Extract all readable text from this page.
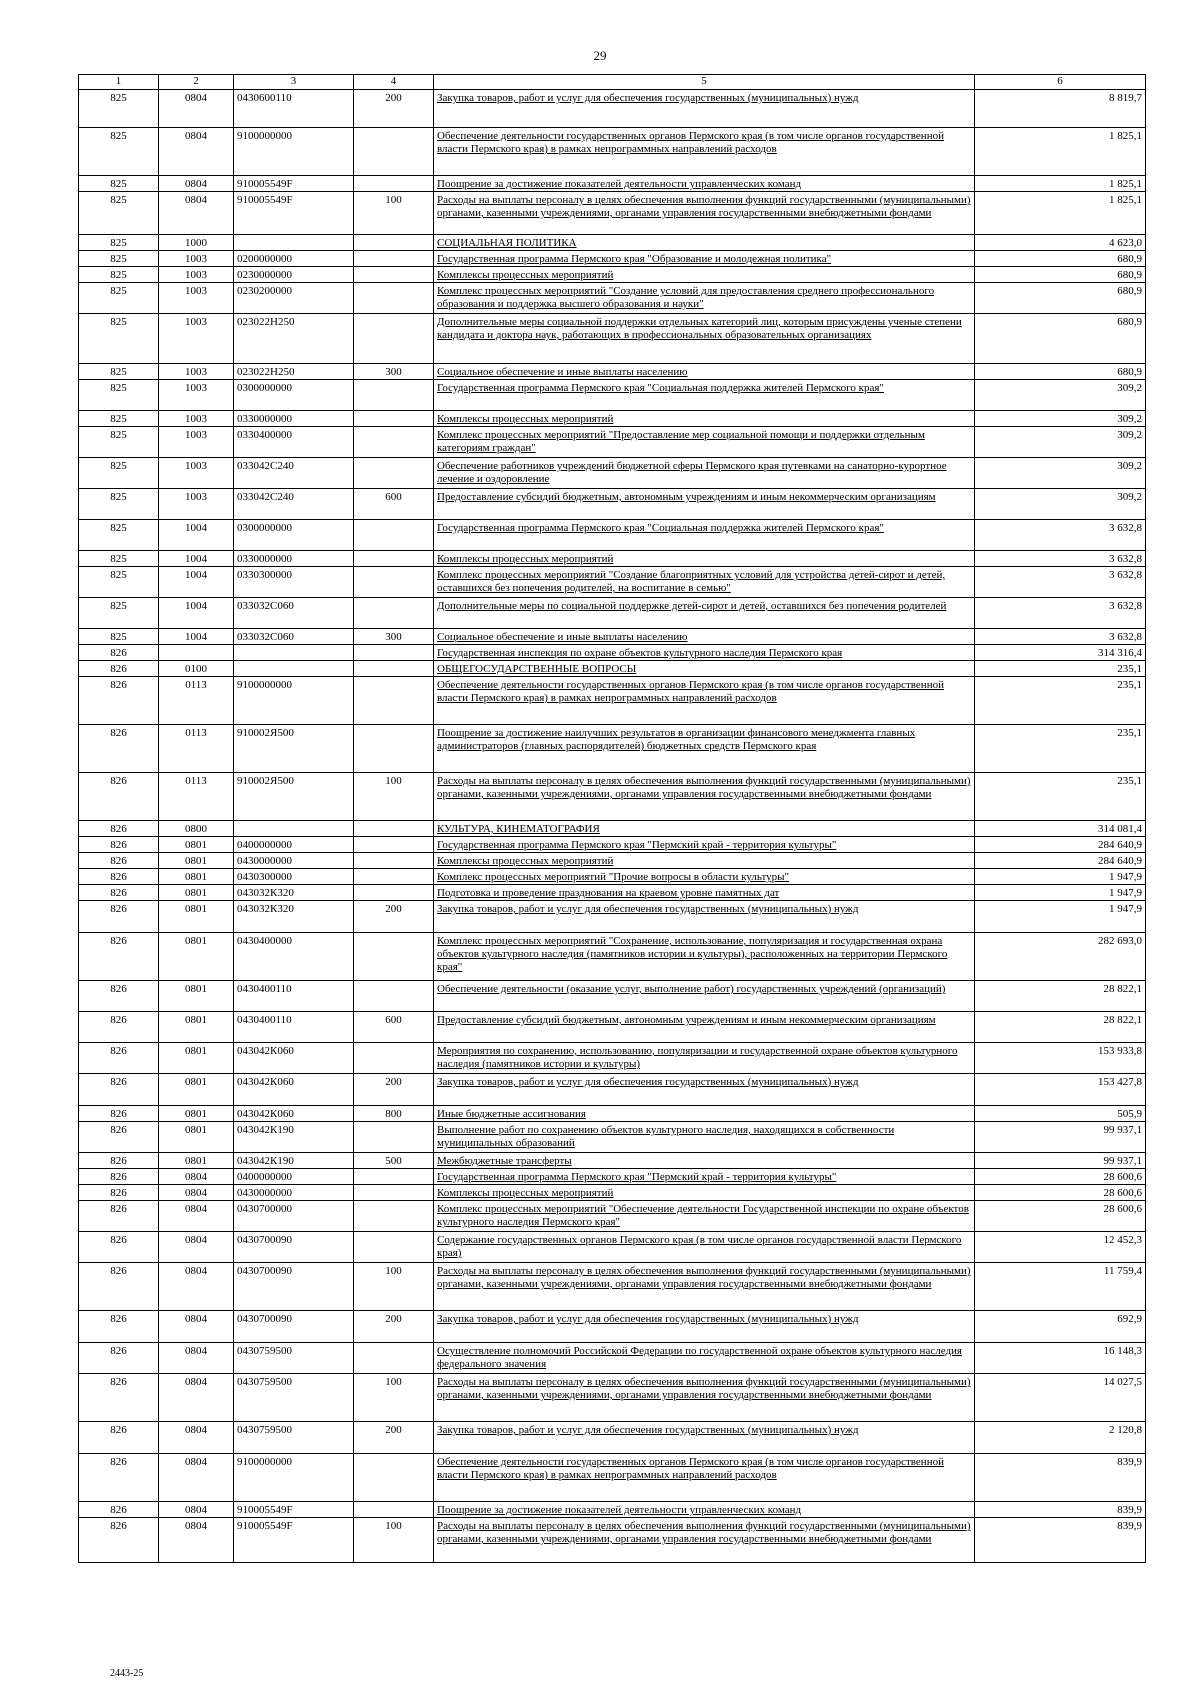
29
1	2	3	4	5	6
825	0804	0430600110	200	Закупка товаров, работ и услуг для обеспечения государственных (муниципальных) нужд	8 819,7
825	0804	9100000000		Обеспечение деятельности государственных органов Пермского края (в том числе органов государственной власти Пермского края) в рамках непрограммных направлений расходов	1 825,1
825	0804	910005549F		Поощрение за достижение показателей деятельности управленческих команд	1 825,1
825	0804	910005549F	100	Расходы на выплаты персоналу в целях обеспечения выполнения функций государственными (муниципальными) органами, казенными учреждениями, органами управления государственными внебюджетными фондами	1 825,1
825	1000			СОЦИАЛЬНАЯ ПОЛИТИКА	4 623,0
825	1003	0200000000		Государственная программа Пермского края "Образование и молодежная политика"	680,9
825	1003	0230000000		Комплексы процессных мероприятий	680,9
825	1003	0230200000		Комплекс процессных мероприятий "Создание условий для предоставления среднего профессионального образования и поддержка высшего образования и науки"	680,9
825	1003	023022Н250		Дополнительные меры социальной поддержки отдельных категорий лиц, которым присуждены ученые степени кандидата и доктора наук, работающих в профессиональных образовательных организациях	680,9
825	1003	023022Н250	300	Социальное обеспечение и иные выплаты населению	680,9
825	1003	0300000000		Государственная программа Пермского края "Социальная поддержка жителей Пермского края"	309,2
825	1003	0330000000		Комплексы процессных мероприятий	309,2
825	1003	0330400000		Комплекс процессных мероприятий "Предоставление мер социальной помощи и поддержки отдельным категориям граждан"	309,2
825	1003	033042С240		Обеспечение работников учреждений бюджетной сферы Пермского края путевками на санаторно-курортное лечение и оздоровление	309,2
825	1003	033042С240	600	Предоставление субсидий бюджетным, автономным учреждениям и иным некоммерческим организациям	309,2
825	1004	0300000000		Государственная программа Пермского края "Социальная поддержка жителей Пермского края"	3 632,8
825	1004	0330000000		Комплексы процессных мероприятий	3 632,8
825	1004	0330300000		Комплекс процессных мероприятий "Создание благоприятных условий для устройства детей-сирот и детей, оставшихся без попечения родителей, на воспитание в семью"	3 632,8
825	1004	033032С060		Дополнительные меры по социальной поддержке детей-сирот и детей, оставшихся без попечения родителей	3 632,8
825	1004	033032С060	300	Социальное обеспечение и иные выплаты населению	3 632,8
826				Государственная инспекция по охране объектов культурного наследия Пермского края	314 316,4
826	0100			ОБЩЕГОСУДАРСТВЕННЫЕ ВОПРОСЫ	235,1
826	0113	9100000000		Обеспечение деятельности государственных органов Пермского края (в том числе органов государственной власти Пермского края) в рамках непрограммных направлений расходов	235,1
826	0113	910002Я500		Поощрение за достижение наилучших результатов в организации финансового менеджмента главных администраторов (главных распорядителей) бюджетных средств Пермского края	235,1
826	0113	910002Я500	100	Расходы на выплаты персоналу в целях обеспечения выполнения функций государственными (муниципальными) органами, казенными учреждениями, органами управления государственными внебюджетными фондами	235,1
826	0800			КУЛЬТУРА, КИНЕМАТОГРАФИЯ	314 081,4
826	0801	0400000000		Государственная программа Пермского края "Пермский край - территория культуры"	284 640,9
826	0801	0430000000		Комплексы процессных мероприятий	284 640,9
826	0801	0430300000		Комплекс процессных мероприятий "Прочие вопросы в области культуры"	1 947,9
826	0801	043032К320		Подготовка и проведение празднования на краевом уровне памятных дат	1 947,9
826	0801	043032К320	200	Закупка товаров, работ и услуг для обеспечения государственных (муниципальных) нужд	1 947,9
826	0801	0430400000		Комплекс процессных мероприятий "Сохранение, использование, популяризация и государственная охрана объектов культурного наследия (памятников истории и культуры), расположенных на территории Пермского края"	282 693,0
826	0801	0430400110		Обеспечение деятельности (оказание услуг, выполнение работ) государственных учреждений (организаций)	28 822,1
826	0801	0430400110	600	Предоставление субсидий бюджетным, автономным учреждениям и иным некоммерческим организациям	28 822,1
826	0801	043042К060		Мероприятия по сохранению, использованию, популяризации и государственной охране объектов культурного наследия (памятников истории и культуры)	153 933,8
826	0801	043042К060	200	Закупка товаров, работ и услуг для обеспечения государственных (муниципальных) нужд	153 427,8
826	0801	043042К060	800	Иные бюджетные ассигнования	505,9
826	0801	043042К190		Выполнение работ по сохранению объектов культурного наследия, находящихся в собственности муниципальных образований	99 937,1
826	0801	043042К190	500	Межбюджетные трансферты	99 937,1
826	0804	0400000000		Государственная программа Пермского края "Пермский край - территория культуры"	28 600,6
826	0804	0430000000		Комплексы процессных мероприятий	28 600,6
826	0804	0430700000		Комплекс процессных мероприятий "Обеспечение деятельности Государственной инспекции по охране объектов культурного наследия Пермского края"	28 600,6
826	0804	0430700090		Содержание государственных органов Пермского края (в том числе органов государственной власти Пермского края)	12 452,3
826	0804	0430700090	100	Расходы на выплаты персоналу в целях обеспечения выполнения функций государственными (муниципальными) органами, казенными учреждениями, органами управления государственными внебюджетными фондами	11 759,4
826	0804	0430700090	200	Закупка товаров, работ и услуг для обеспечения государственных (муниципальных) нужд	692,9
826	0804	0430759500		Осуществление полномочий Российской Федерации по государственной охране объектов культурного наследия федерального значения	16 148,3
826	0804	0430759500	100	Расходы на выплаты персоналу в целях обеспечения выполнения функций государственными (муниципальными) органами, казенными учреждениями, органами управления государственными внебюджетными фондами	14 027,5
826	0804	0430759500	200	Закупка товаров, работ и услуг для обеспечения государственных (муниципальных) нужд	2 120,8
826	0804	9100000000		Обеспечение деятельности государственных органов Пермского края (в том числе органов государственной власти Пермского края) в рамках непрограммных направлений расходов	839,9
826	0804	910005549F		Поощрение за достижение показателей деятельности управленческих команд	839,9
826	0804	910005549F	100	Расходы на выплаты персоналу в целях обеспечения выполнения функций государственными (муниципальными) органами, казенными учреждениями, органами управления государственными внебюджетными фондами	839,9
2443-25
